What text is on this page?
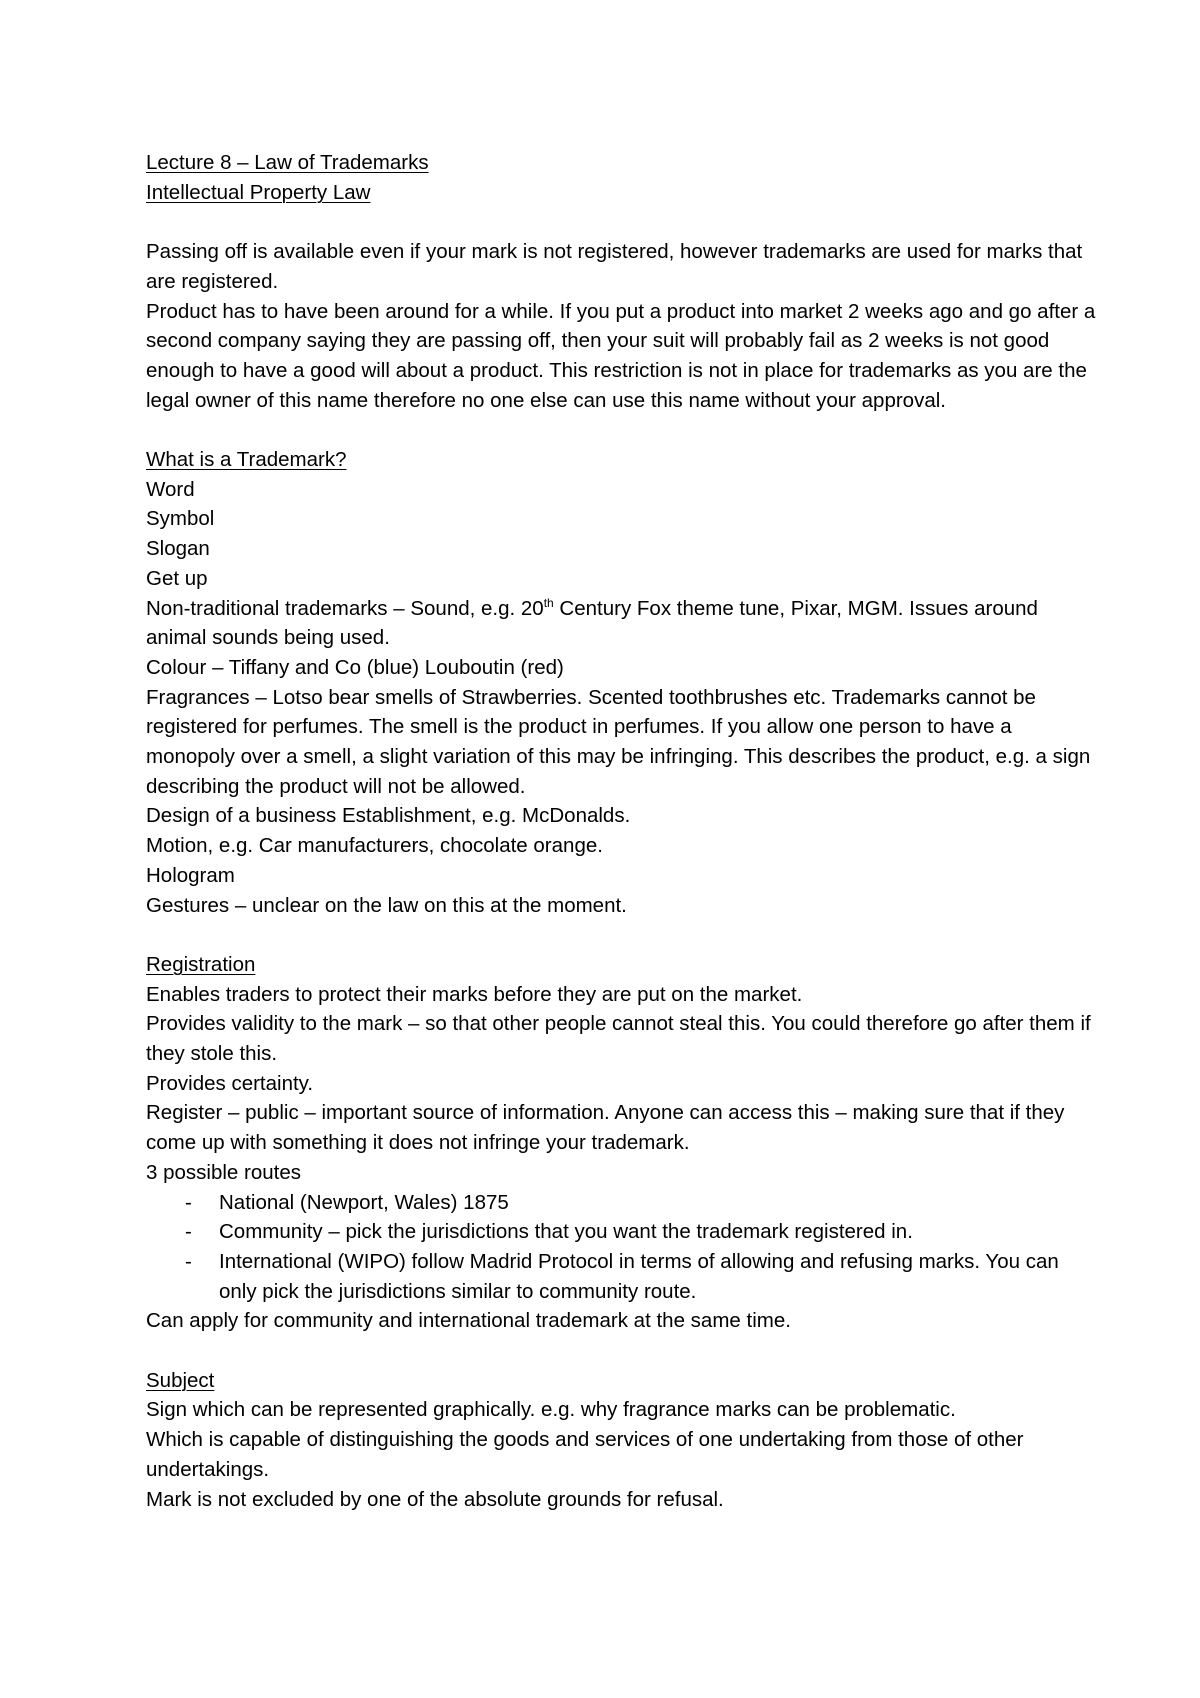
Lecture 8 – Law of Trademarks

Intellectual Property Law

Passing off is available even if your mark is not registered, however trademarks are used for marks that are registered.

Product has to have been around for a while. If you put a product into market 2 weeks ago and go after a second company saying they are passing off, then your suit will probably fail as 2 weeks is not good enough to have a good will about a product. This restriction is not in place for trademarks as you are the legal owner of this name therefore no one else can use this name without your approval.

What is a Trademark?

Word

Symbol

Slogan

Get up

Non-traditional trademarks – Sound, e.g. 20th Century Fox theme tune, Pixar, MGM. Issues around animal sounds being used.

Colour – Tiffany and Co (blue) Louboutin (red)

Fragrances – Lotso bear smells of Strawberries. Scented toothbrushes etc. Trademarks cannot be registered for perfumes. The smell is the product in perfumes. If you allow one person to have a monopoly over a smell, a slight variation of this may be infringing. This describes the product, e.g. a sign describing the product will not be allowed.

Design of a business Establishment, e.g. McDonalds.

Motion, e.g. Car manufacturers, chocolate orange.

Hologram

Gestures – unclear on the law on this at the moment.

Registration

Enables traders to protect their marks before they are put on the market.

Provides validity to the mark – so that other people cannot steal this. You could therefore go after them if they stole this.

Provides certainty.

Register – public – important source of information. Anyone can access this – making sure that if they come up with something it does not infringe your trademark.

3 possible routes

- National (Newport, Wales) 1875
- Community – pick the jurisdictions that you want the trademark registered in.
- International (WIPO) follow Madrid Protocol in terms of allowing and refusing marks. You can only pick the jurisdictions similar to community route.

Can apply for community and international trademark at the same time.

Subject

Sign which can be represented graphically. e.g. why fragrance marks can be problematic.

Which is capable of distinguishing the goods and services of one undertaking from those of other undertakings.

Mark is not excluded by one of the absolute grounds for refusal.
